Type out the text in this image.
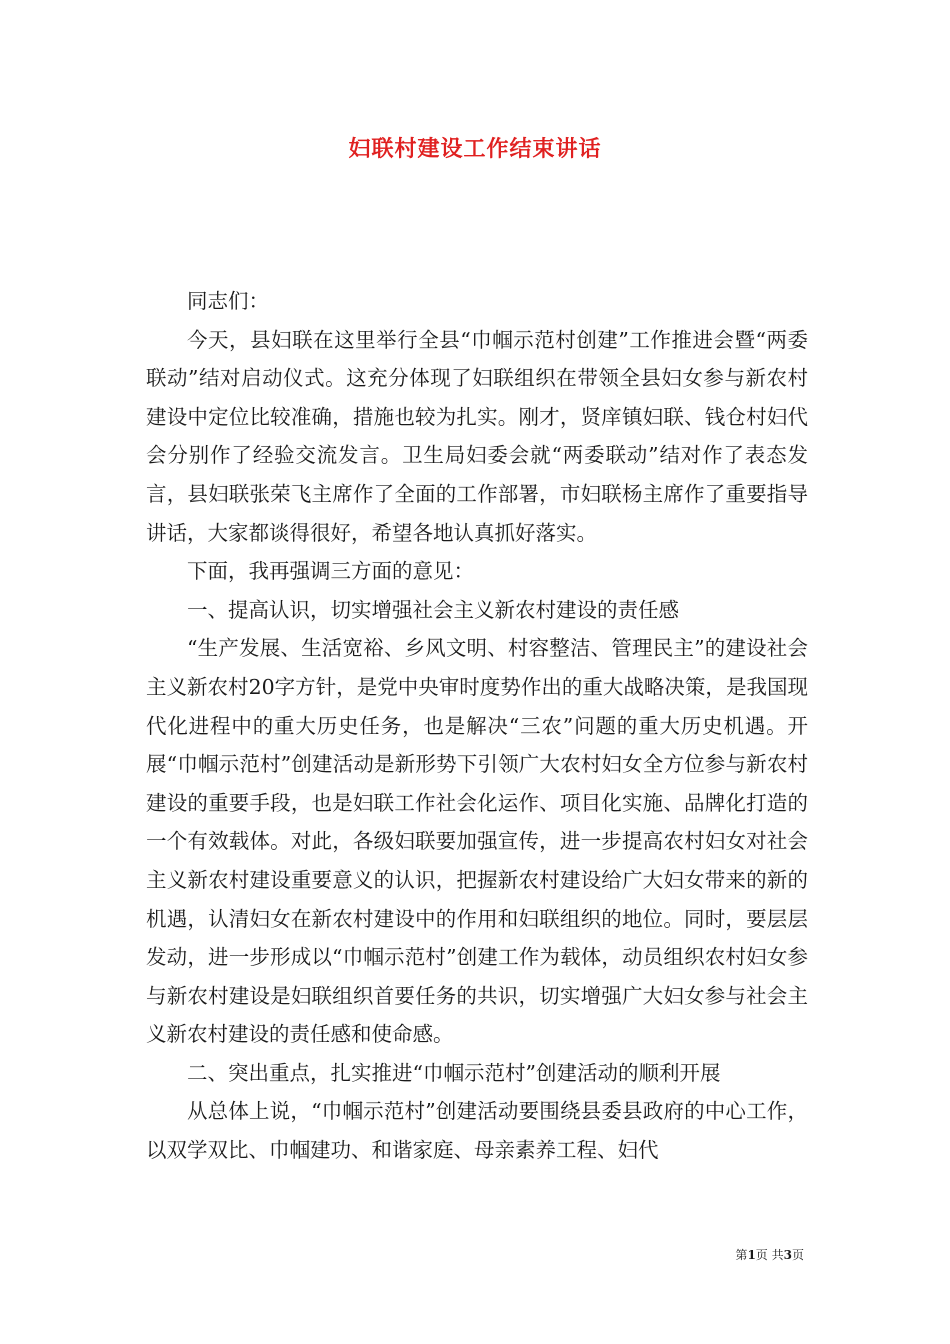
妇联村建设工作结束讲话

同志们：

今天，县妇联在这里举行全县“巾帼示范村创建”工作推进会暨“两委联动”结对启动仪式。这充分体现了妇联组织在带领全县妇女参与新农村建设中定位比较准确，措施也较为扎实。刚才，贤庠镇妇联、钱仓村妇代会分别作了经验交流发言。卫生局妇委会就“两委联动”结对作了表态发言，县妇联张荣飞主席作了全面的工作部署，市妇联杨主席作了重要指导讲话，大家都谈得很好，希望各地认真抓好落实。

下面，我再强调三方面的意见：

一、提高认识，切实增强社会主义新农村建设的责任感

“生产发展、生活宽裕、乡风文明、村容整洁、管理民主”的建设社会主义新农村20字方针，是党中央审时度势作出的重大战略决策，是我国现代化进程中的重大历史任务，也是解决“三农”问题的重大历史机遇。开展“巾帼示范村”创建活动是新形势下引领广大农村妇女全方位参与新农村建设的重要手段，也是妇联工作社会化运作、项目化实施、品牌化打造的一个有效载体。对此，各级妇联要加强宣传，进一步提高农村妇女对社会主义新农村建设重要意义的认识，把握新农村建设给广大妇女带来的新的机遇，认清妇女在新农村建设中的作用和妇联组织的地位。同时，要层层发动，进一步形成以“巾帼示范村”创建工作为载体，动员组织农村妇女参与新农村建设是妇联组织首要任务的共识，切实增强广大妇女参与社会主义新农村建设的责任感和使命感。

二、突出重点，扎实推进“巾帼示范村”创建活动的顺利开展

从总体上说，“巾帼示范村”创建活动要围绕县委县政府的中心工作，以双学双比、巾帼建功、和谐家庭、母亲素养工程、妇代

第1页 共3页
